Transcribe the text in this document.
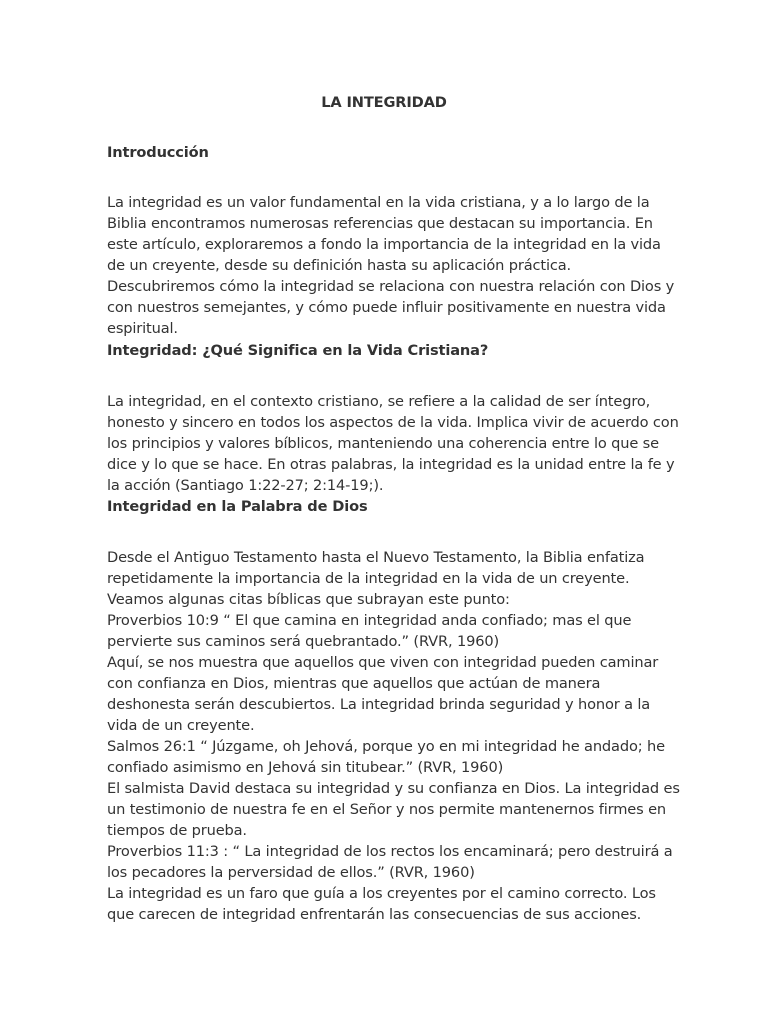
LA INTEGRIDAD
Introducción
La integridad es un valor fundamental en la vida cristiana, y a lo largo de la
Biblia encontramos numerosas referencias que destacan su importancia. En
este artículo, exploraremos a fondo la importancia de la integridad en la vida
de un creyente, desde su definición hasta su aplicación práctica.
Descubriremos cómo la integridad se relaciona con nuestra relación con Dios y
con nuestros semejantes, y cómo puede influir positivamente en nuestra vida
espiritual.
Integridad: ¿Qué Significa en la Vida Cristiana?
La integridad, en el contexto cristiano, se refiere a la calidad de ser íntegro,
honesto y sincero en todos los aspectos de la vida. Implica vivir de acuerdo con
los principios y valores bíblicos, manteniendo una coherencia entre lo que se
dice y lo que se hace. En otras palabras, la integridad es la unidad entre la fe y
la acción (Santiago 1:22-27; 2:14-19;).
Integridad en la Palabra de Dios
Desde el Antiguo Testamento hasta el Nuevo Testamento, la Biblia enfatiza
repetidamente la importancia de la integridad en la vida de un creyente.
Veamos algunas citas bíblicas que subrayan este punto:
Proverbios 10:9 “ El que camina en integridad anda confiado; mas el que
pervierte sus caminos será quebrantado.” (RVR, 1960)
Aquí, se nos muestra que aquellos que viven con integridad pueden caminar
con confianza en Dios, mientras que aquellos que actúan de manera
deshonesta serán descubiertos. La integridad brinda seguridad y honor a la
vida de un creyente.
Salmos 26:1 “ Júzgame, oh Jehová, porque yo en mi integridad he andado; he
confiado asimismo en Jehová sin titubear.” (RVR, 1960)
El salmista David destaca su integridad y su confianza en Dios. La integridad es
un testimonio de nuestra fe en el Señor y nos permite mantenernos firmes en
tiempos de prueba.
Proverbios 11:3 : “ La integridad de los rectos los encaminará; pero destruirá a
los pecadores la perversidad de ellos.” (RVR, 1960)
La integridad es un faro que guía a los creyentes por el camino correcto. Los
que carecen de integridad enfrentarán las consecuencias de sus acciones.
